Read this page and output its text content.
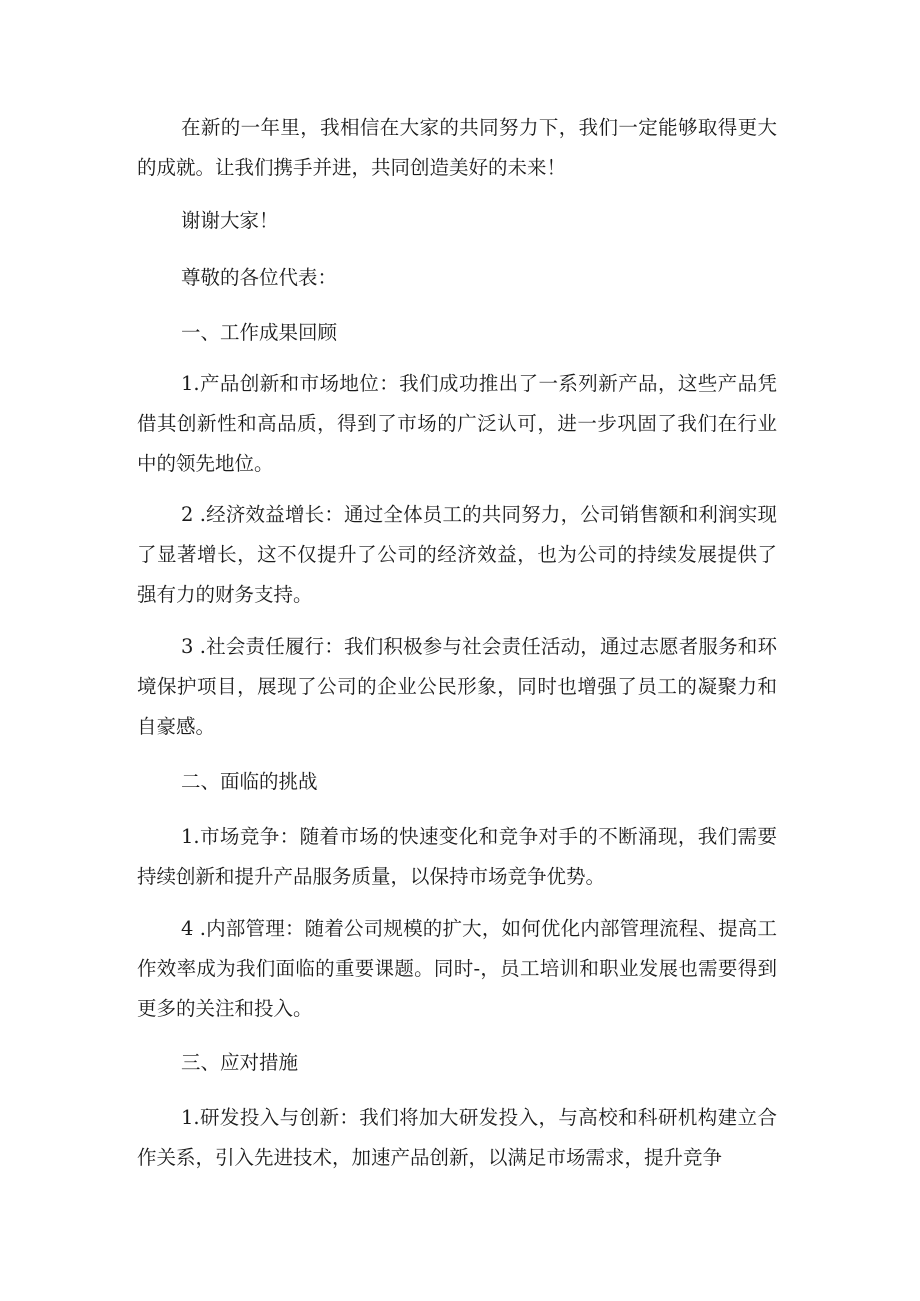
在新的一年里，我相信在大家的共同努力下，我们一定能够取得更大的成就。让我们携手并进，共同创造美好的未来！

谢谢大家！

尊敬的各位代表：

一、工作成果回顾

1.产品创新和市场地位：我们成功推出了一系列新产品，这些产品凭借其创新性和高品质，得到了市场的广泛认可，进一步巩固了我们在行业中的领先地位。

2 .经济效益增长：通过全体员工的共同努力，公司销售额和利润实现了显著增长，这不仅提升了公司的经济效益，也为公司的持续发展提供了强有力的财务支持。

3 .社会责任履行：我们积极参与社会责任活动，通过志愿者服务和环境保护项目，展现了公司的企业公民形象，同时也增强了员工的凝聚力和自豪感。

二、面临的挑战

1.市场竞争：随着市场的快速变化和竞争对手的不断涌现，我们需要持续创新和提升产品服务质量，以保持市场竞争优势。

4 .内部管理：随着公司规模的扩大，如何优化内部管理流程、提高工作效率成为我们面临的重要课题。同时-，员工培训和职业发展也需要得到更多的关注和投入。

三、应对措施

1.研发投入与创新：我们将加大研发投入，与高校和科研机构建立合作关系，引入先进技术，加速产品创新，以满足市场需求，提升竞争
